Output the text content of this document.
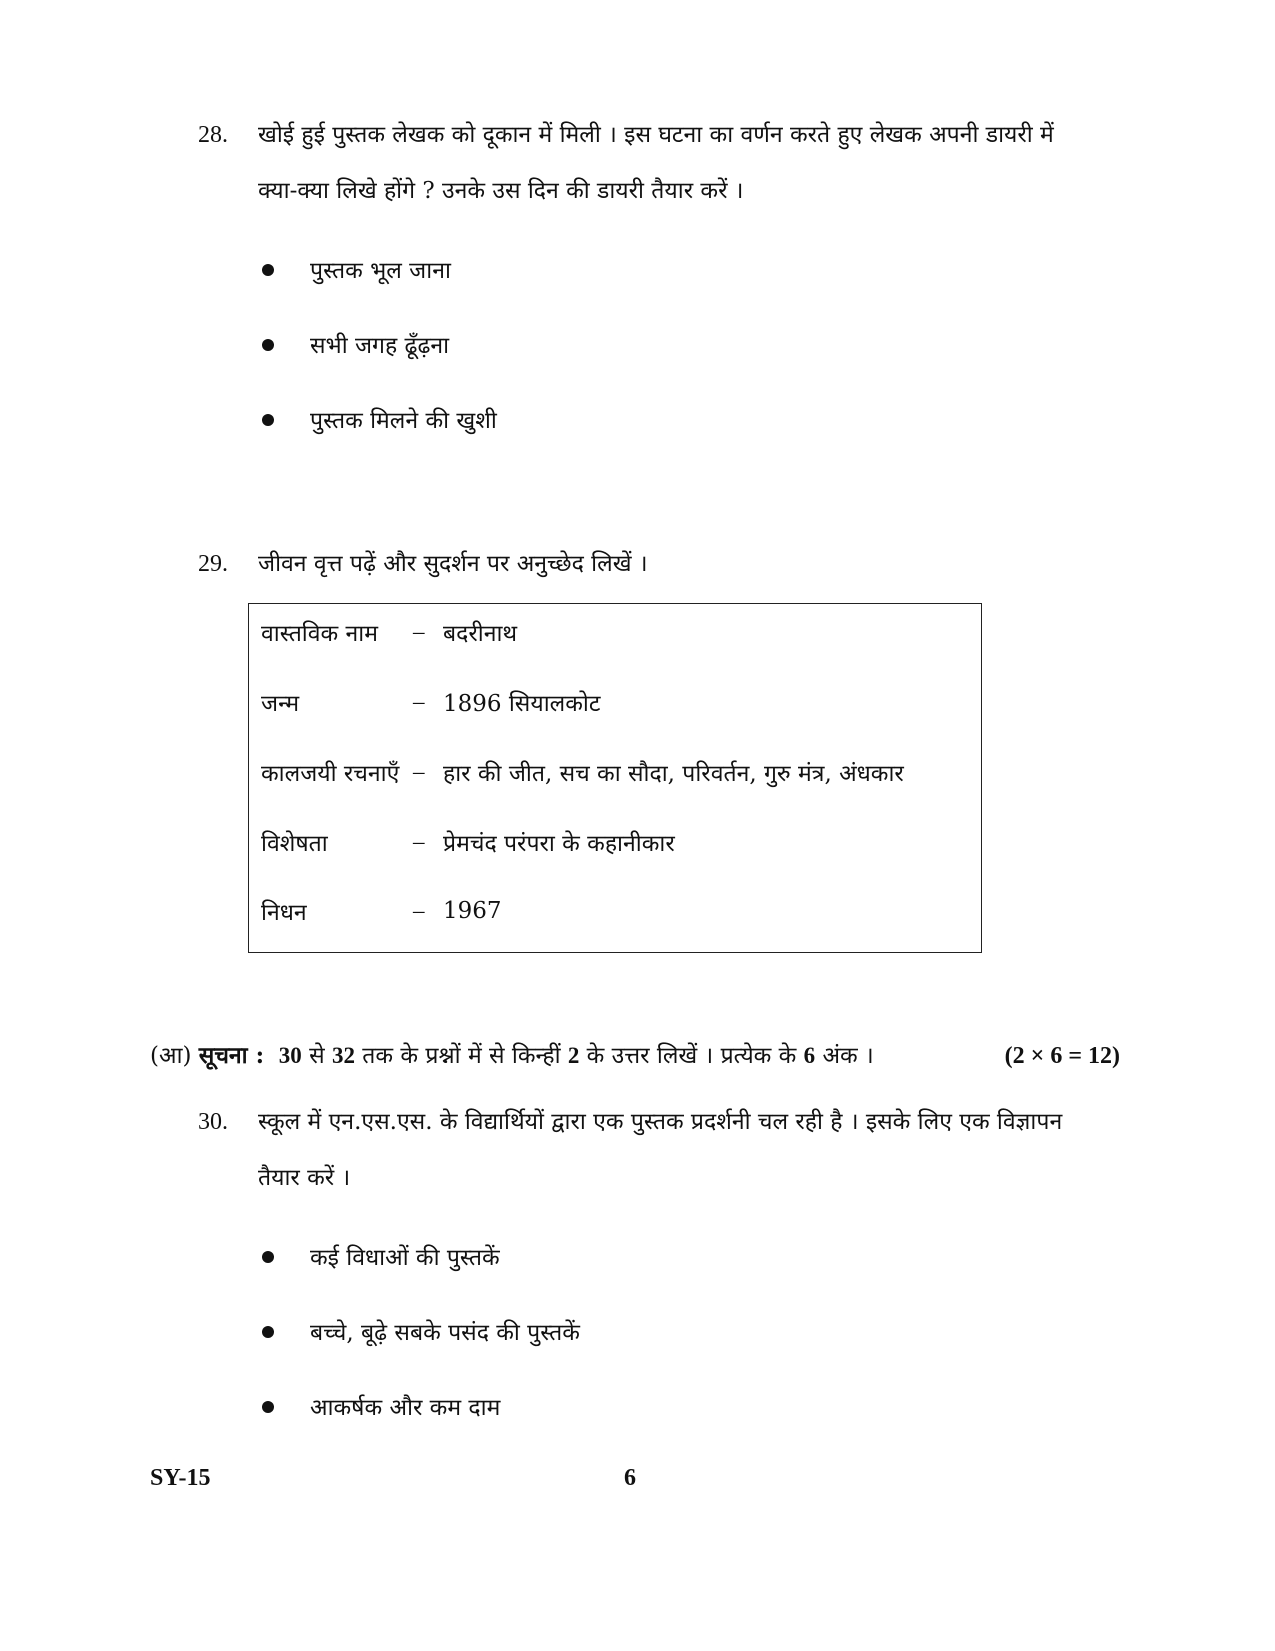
28. खोई हुई पुस्तक लेखक को दूकान में मिली । इस घटना का वर्णन करते हुए लेखक अपनी डायरी में
क्या-क्या लिखे होंगे ? उनके उस दिन की डायरी तैयार करें ।
पुस्तक भूल जाना
सभी जगह ढूँढ़ना
पुस्तक मिलने की खुशी
29. जीवन वृत्त पढ़ें और सुदर्शन पर अनुच्छेद लिखें ।
वास्तविक नाम	– बदरीनाथ
जन्म	– 1896 सियालकोट
कालजयी रचनाएँ – हार की जीत, सच का सौदा, परिवर्तन, गुरु मंत्र, अंधकार
विशेषता	– प्रेमचंद परंपरा के कहानीकार
निधन	– 1967
(आ) सूचना : 30 से 32 तक के प्रश्नों में से किन्हीं 2 के उत्तर लिखें । प्रत्येक के 6 अंक ।	(2 × 6 = 12)
30. स्कूल में एन.एस.एस. के विद्यार्थियों द्वारा एक पुस्तक प्रदर्शनी चल रही है । इसके लिए एक विज्ञापन
तैयार करें ।
कई विधाओं की पुस्तकें
बच्चे, बूढ़े सबके पसंद की पुस्तकें
आकर्षक और कम दाम
SY-15	6
